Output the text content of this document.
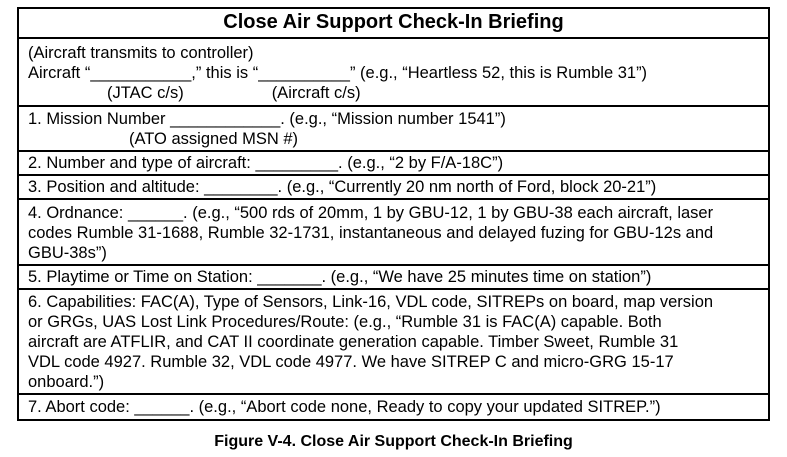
Close Air Support Check-In Briefing

(Aircraft transmits to controller)
Aircraft “___________,” this is “__________” (e.g., “Heartless 52, this is Rumble 31”)
(JTAC c/s)	(Aircraft c/s)

1. Mission Number ____________. (e.g., “Mission number 1541”)
(ATO assigned MSN #)

2. Number and type of aircraft: _________. (e.g., “2 by F/A-18C”)

3. Position and altitude: ________. (e.g., “Currently 20 nm north of Ford, block 20-21”)

4. Ordnance: ______. (e.g., “500 rds of 20mm, 1 by GBU-12, 1 by GBU-38 each aircraft, laser
codes Rumble 31-1688, Rumble 32-1731, instantaneous and delayed fuzing for GBU-12s and
GBU-38s”)

5. Playtime or Time on Station: _______. (e.g., “We have 25 minutes time on station”)

6. Capabilities: FAC(A), Type of Sensors, Link-16, VDL code, SITREPs on board, map version
or GRGs, UAS Lost Link Procedures/Route: (e.g., “Rumble 31 is FAC(A) capable. Both
aircraft are ATFLIR, and CAT II coordinate generation capable. Timber Sweet, Rumble 31
VDL code 4927. Rumble 32, VDL code 4977. We have SITREP C and micro-GRG 15-17
onboard.”)

7. Abort code: ______. (e.g., “Abort code none, Ready to copy your updated SITREP.”)
Figure V-4. Close Air Support Check-In Briefing
